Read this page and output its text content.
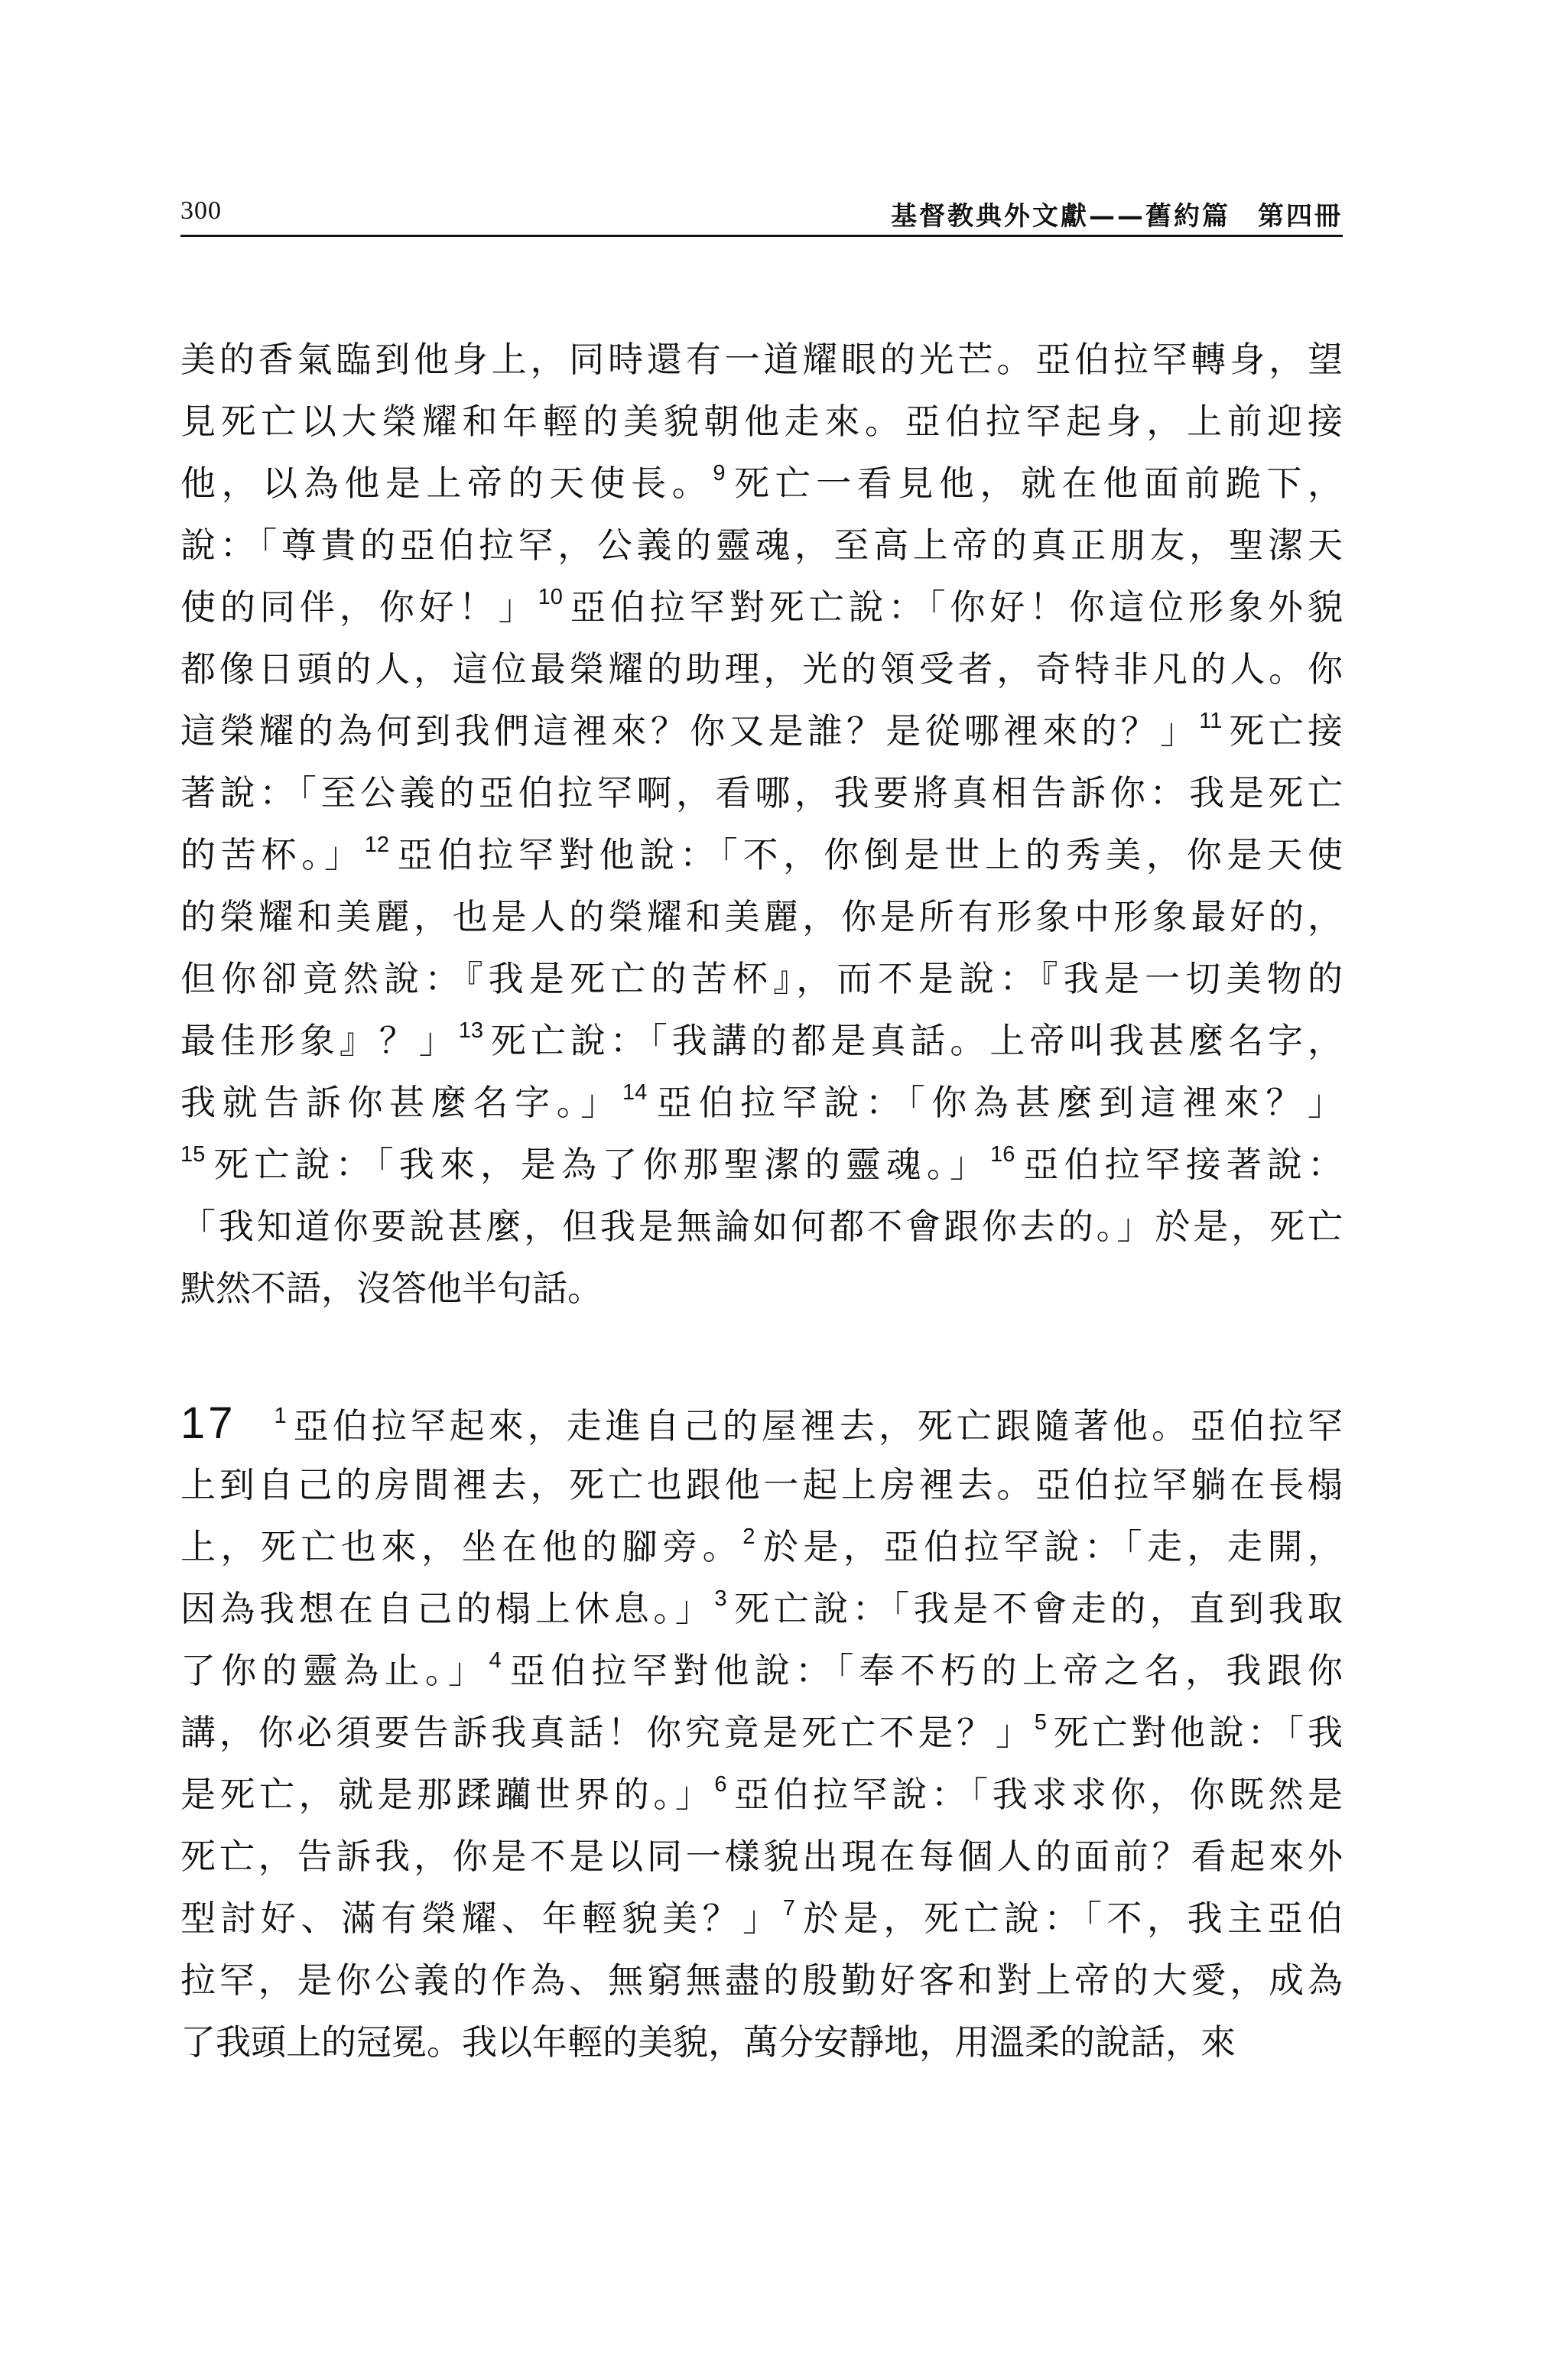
300	基督教典外文獻——舊約篇 第四冊
美的香氣臨到他身上，同時還有一道耀眼的光芒。亞伯拉罕轉身，望
見死亡以大榮耀和年輕的美貌朝他走來。亞伯拉罕起身，上前迎接
他，以為他是上帝的天使長。$^9$死亡一看見他，就在他面前跪下，
說：「尊貴的亞伯拉罕，公義的靈魂，至高上帝的真正朋友，聖潔天
使的同伴，你好！」$^{10}$亞伯拉罕對死亡說：「你好！你這位形象外貌
都像日頭的人，這位最榮耀的助理，光的領受者，奇特非凡的人。你
這榮耀的為何到我們這裡來？你又是誰？是從哪裡來的？」$^{11}$死亡接
著說：「至公義的亞伯拉罕啊，看哪，我要將真相告訴你：我是死亡
的苦杯。」$^{12}$亞伯拉罕對他說：「不，你倒是世上的秀美，你是天使
的榮耀和美麗，也是人的榮耀和美麗，你是所有形象中形象最好的，
但你卻竟然說：『我是死亡的苦杯』，而不是說：『我是一切美物的
最佳形象』？」$^{13}$死亡說：「我講的都是真話。上帝叫我甚麼名字，
我就告訴你甚麼名字。」$^{14}$亞伯拉罕說：「你為甚麼到這裡來？」
$^{15}$死亡說：「我來，是為了你那聖潔的靈魂。」$^{16}$亞伯拉罕接著說：
「我知道你要說甚麼，但我是無論如何都不會跟你去的。」於是，死亡
默然不語，沒答他半句話。
17 $^1$亞伯拉罕起來，走進自己的屋裡去，死亡跟隨著他。亞伯拉罕
上到自己的房間裡去，死亡也跟他一起上房裡去。亞伯拉罕躺在長榻
上，死亡也來，坐在他的腳旁。$^2$於是，亞伯拉罕說：「走，走開，
因為我想在自己的榻上休息。」$^3$死亡說：「我是不會走的，直到我取
了你的靈為止。」$^4$亞伯拉罕對他說：「奉不朽的上帝之名，我跟你
講，你必須要告訴我真話！你究竟是死亡不是？」$^5$死亡對他說：「我
是死亡，就是那蹂躪世界的。」$^6$亞伯拉罕說：「我求求你，你既然是
死亡，告訴我，你是不是以同一樣貌出現在每個人的面前？看起來外
型討好、滿有榮耀、年輕貌美？」$^7$於是，死亡說：「不，我主亞伯
拉罕，是你公義的作為、無窮無盡的殷勤好客和對上帝的大愛，成為
了我頭上的冠冕。我以年輕的美貌，萬分安靜地，用溫柔的說話，來
